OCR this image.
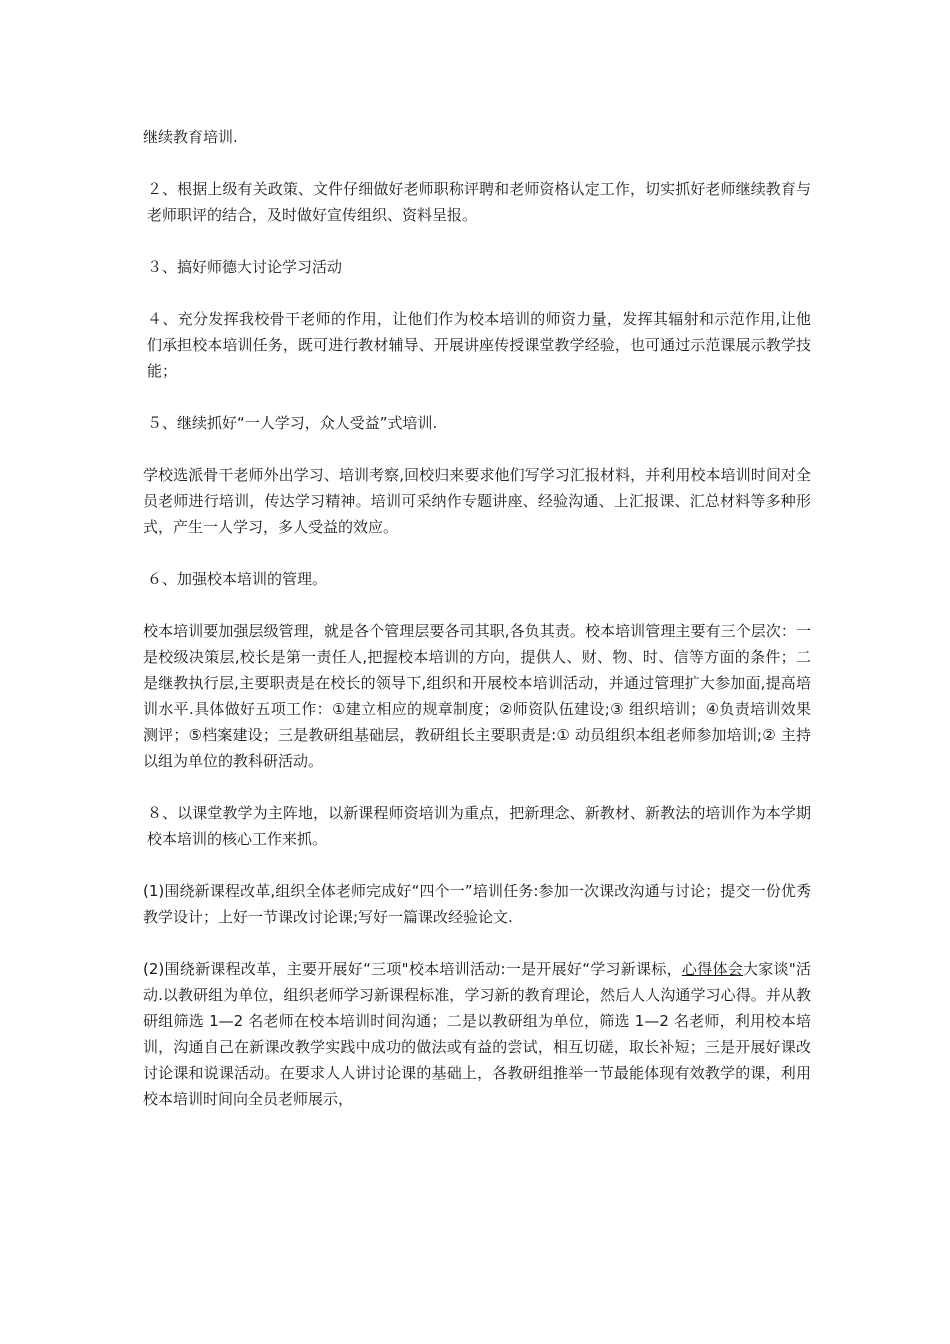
继续教育培训.

２、根据上级有关政策、文件仔细做好老师职称评聘和老师资格认定工作，切实抓好老师继续教育与老师职评的结合，及时做好宣传组织、资料呈报。

３、搞好师德大讨论学习活动

４、充分发挥我校骨干老师的作用，让他们作为校本培训的师资力量，发挥其辐射和示范作用,让他们承担校本培训任务，既可进行教材辅导、开展讲座传授课堂教学经验，也可通过示范课展示教学技能；

５、继续抓好“一人学习，众人受益”式培训.

学校选派骨干老师外出学习、培训考察,回校归来要求他们写学习汇报材料，并利用校本培训时间对全员老师进行培训，传达学习精神。培训可采纳作专题讲座、经验沟通、上汇报课、汇总材料等多种形式，产生一人学习，多人受益的效应。

６、加强校本培训的管理。

校本培训要加强层级管理，就是各个管理层要各司其职,各负其责。校本培训管理主要有三个层次：一是校级决策层,校长是第一责任人,把握校本培训的方向，提供人、财、物、时、信等方面的条件；二是继教执行层,主要职责是在校长的领导下,组织和开展校本培训活动，并通过管理扩大参加面,提高培训水平.具体做好五项工作：①建立相应的规章制度；②师资队伍建设;③ 组织培训；④负责培训效果测评；⑤档案建设；三是教研组基础层，教研组长主要职责是:① 动员组织本组老师参加培训;② 主持以组为单位的教科研活动。

８、以课堂教学为主阵地，以新课程师资培训为重点，把新理念、新教材、新教法的培训作为本学期校本培训的核心工作来抓。

(1)围绕新课程改革,组织全体老师完成好“四个一”培训任务:参加一次课改沟通与讨论；提交一份优秀教学设计；上好一节课改讨论课;写好一篇课改经验论文.

(2)围绕新课程改革，主要开展好“三项"校本培训活动:一是开展好“学习新课标，心得体会大家谈"活动.以教研组为单位，组织老师学习新课程标准，学习新的教育理论，然后人人沟通学习心得。并从教研组筛选 1—2 名老师在校本培训时间沟通；二是以教研组为单位，筛选 1—2 名老师，利用校本培训，沟通自己在新课改教学实践中成功的做法或有益的尝试，相互切磋，取长补短；三是开展好课改讨论课和说课活动。在要求人人讲讨论课的基础上，各教研组推举一节最能体现有效教学的课，利用校本培训时间向全员老师展示，
